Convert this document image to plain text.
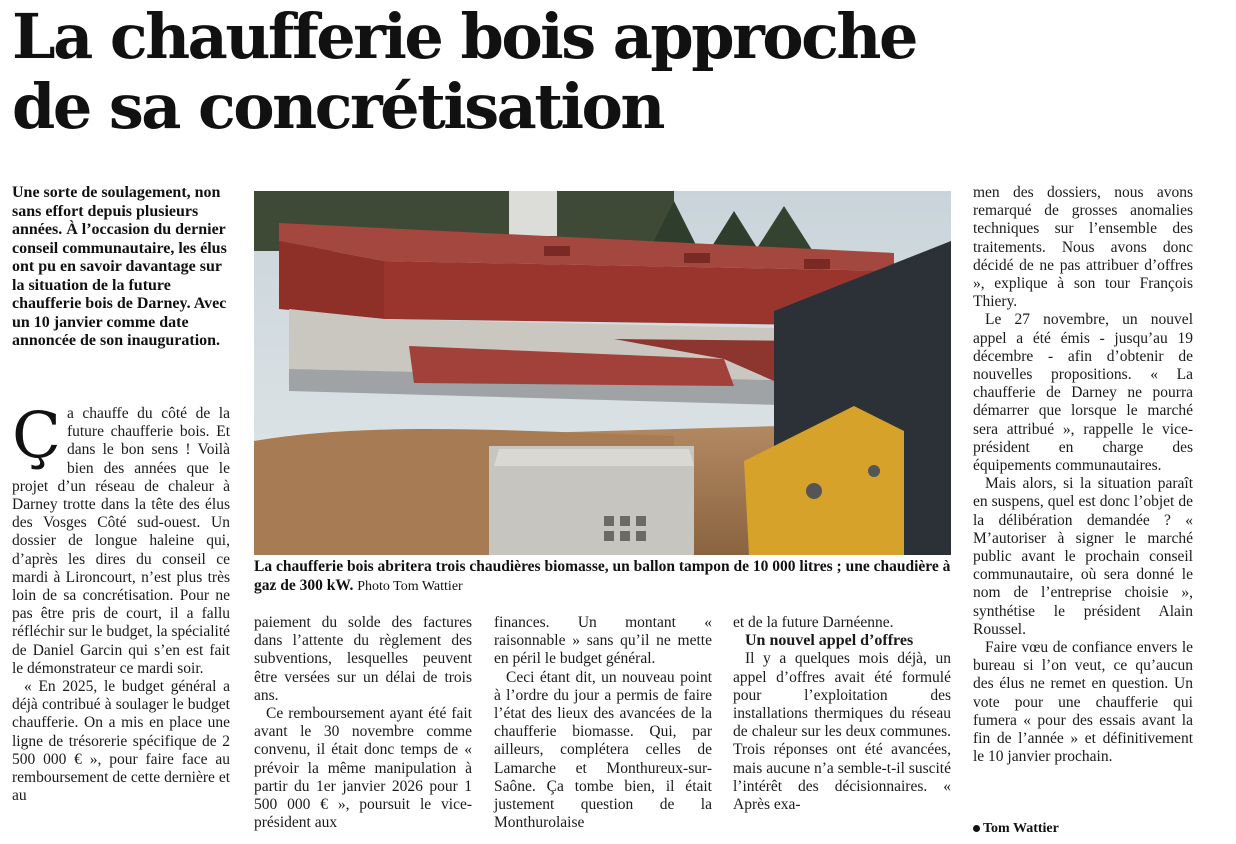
La chaufferie bois approche
de sa concrétisation

Une sorte de soulagement, non sans effort depuis plusieurs années. À l’occasion du dernier conseil communautaire, les élus ont pu en savoir davantage sur la situation de la future chaufferie bois de Darney. Avec un 10 janvier comme date annoncée de son inauguration.

Ça chauffe du côté de la future chaufferie bois. Et dans le bon sens ! Voilà bien des années que le projet d’un réseau de chaleur à Darney trotte dans la tête des élus des Vosges Côté sud-ouest. Un dossier de longue haleine qui, d’après les dires du conseil ce mardi à Lironcourt, n’est plus très loin de sa concrétisation. Pour ne pas être pris de court, il a fallu réfléchir sur le budget, la spécialité de Daniel Garcin qui s’en est fait le démonstrateur ce mardi soir.

« En 2025, le budget général a déjà contribué à soulager le budget chaufferie. On a mis en place une ligne de trésorerie spécifique de 2 500 000 € », pour faire face au remboursement de cette dernière et au

La chaufferie bois abritera trois chaudières biomasse, un ballon tampon de 10 000 litres ; une chaudière à gaz de 300 kW. Photo Tom Wattier

paiement du solde des factures dans l’attente du règlement des subventions, lesquelles peuvent être versées sur un délai de trois ans.

Ce remboursement ayant été fait avant le 30 novembre comme convenu, il était donc temps de « prévoir la même manipulation à partir du 1er janvier 2026 pour 1 500 000 € », poursuit le vice-président aux

finances. Un montant « raisonnable » sans qu’il ne mette en péril le budget général.

Ceci étant dit, un nouveau point à l’ordre du jour a permis de faire l’état des lieux des avancées de la chaufferie biomasse. Qui, par ailleurs, complétera celles de Lamarche et Monthureux-sur-Saône. Ça tombe bien, il était justement question de la Monthurolaise

et de la future Darnéenne.

Un nouvel appel d’offres

Il y a quelques mois déjà, un appel d’offres avait été formulé pour l’exploitation des installations thermiques du réseau de chaleur sur les deux communes. Trois réponses ont été avancées, mais aucune n’a semble-t-il suscité l’intérêt des décisionnaires. « Après exa-

men des dossiers, nous avons remarqué de grosses anomalies techniques sur l’ensemble des traitements. Nous avons donc décidé de ne pas attribuer d’offres », explique à son tour François Thiery.

Le 27 novembre, un nouvel appel a été émis - jusqu’au 19 décembre - afin d’obtenir de nouvelles propositions. « La chaufferie de Darney ne pourra démarrer que lorsque le marché sera attribué », rappelle le vice-président en charge des équipements communautaires.

Mais alors, si la situation paraît en suspens, quel est donc l’objet de la délibération demandée ? « M’autoriser à signer le marché public avant le prochain conseil communautaire, où sera donné le nom de l’entreprise choisie », synthétise le président Alain Roussel.

Faire vœu de confiance envers le bureau si l’on veut, ce qu’aucun des élus ne remet en question. Un vote pour une chaufferie qui fumera « pour des essais avant la fin de l’année » et définitivement le 10 janvier prochain.

Tom Wattier
